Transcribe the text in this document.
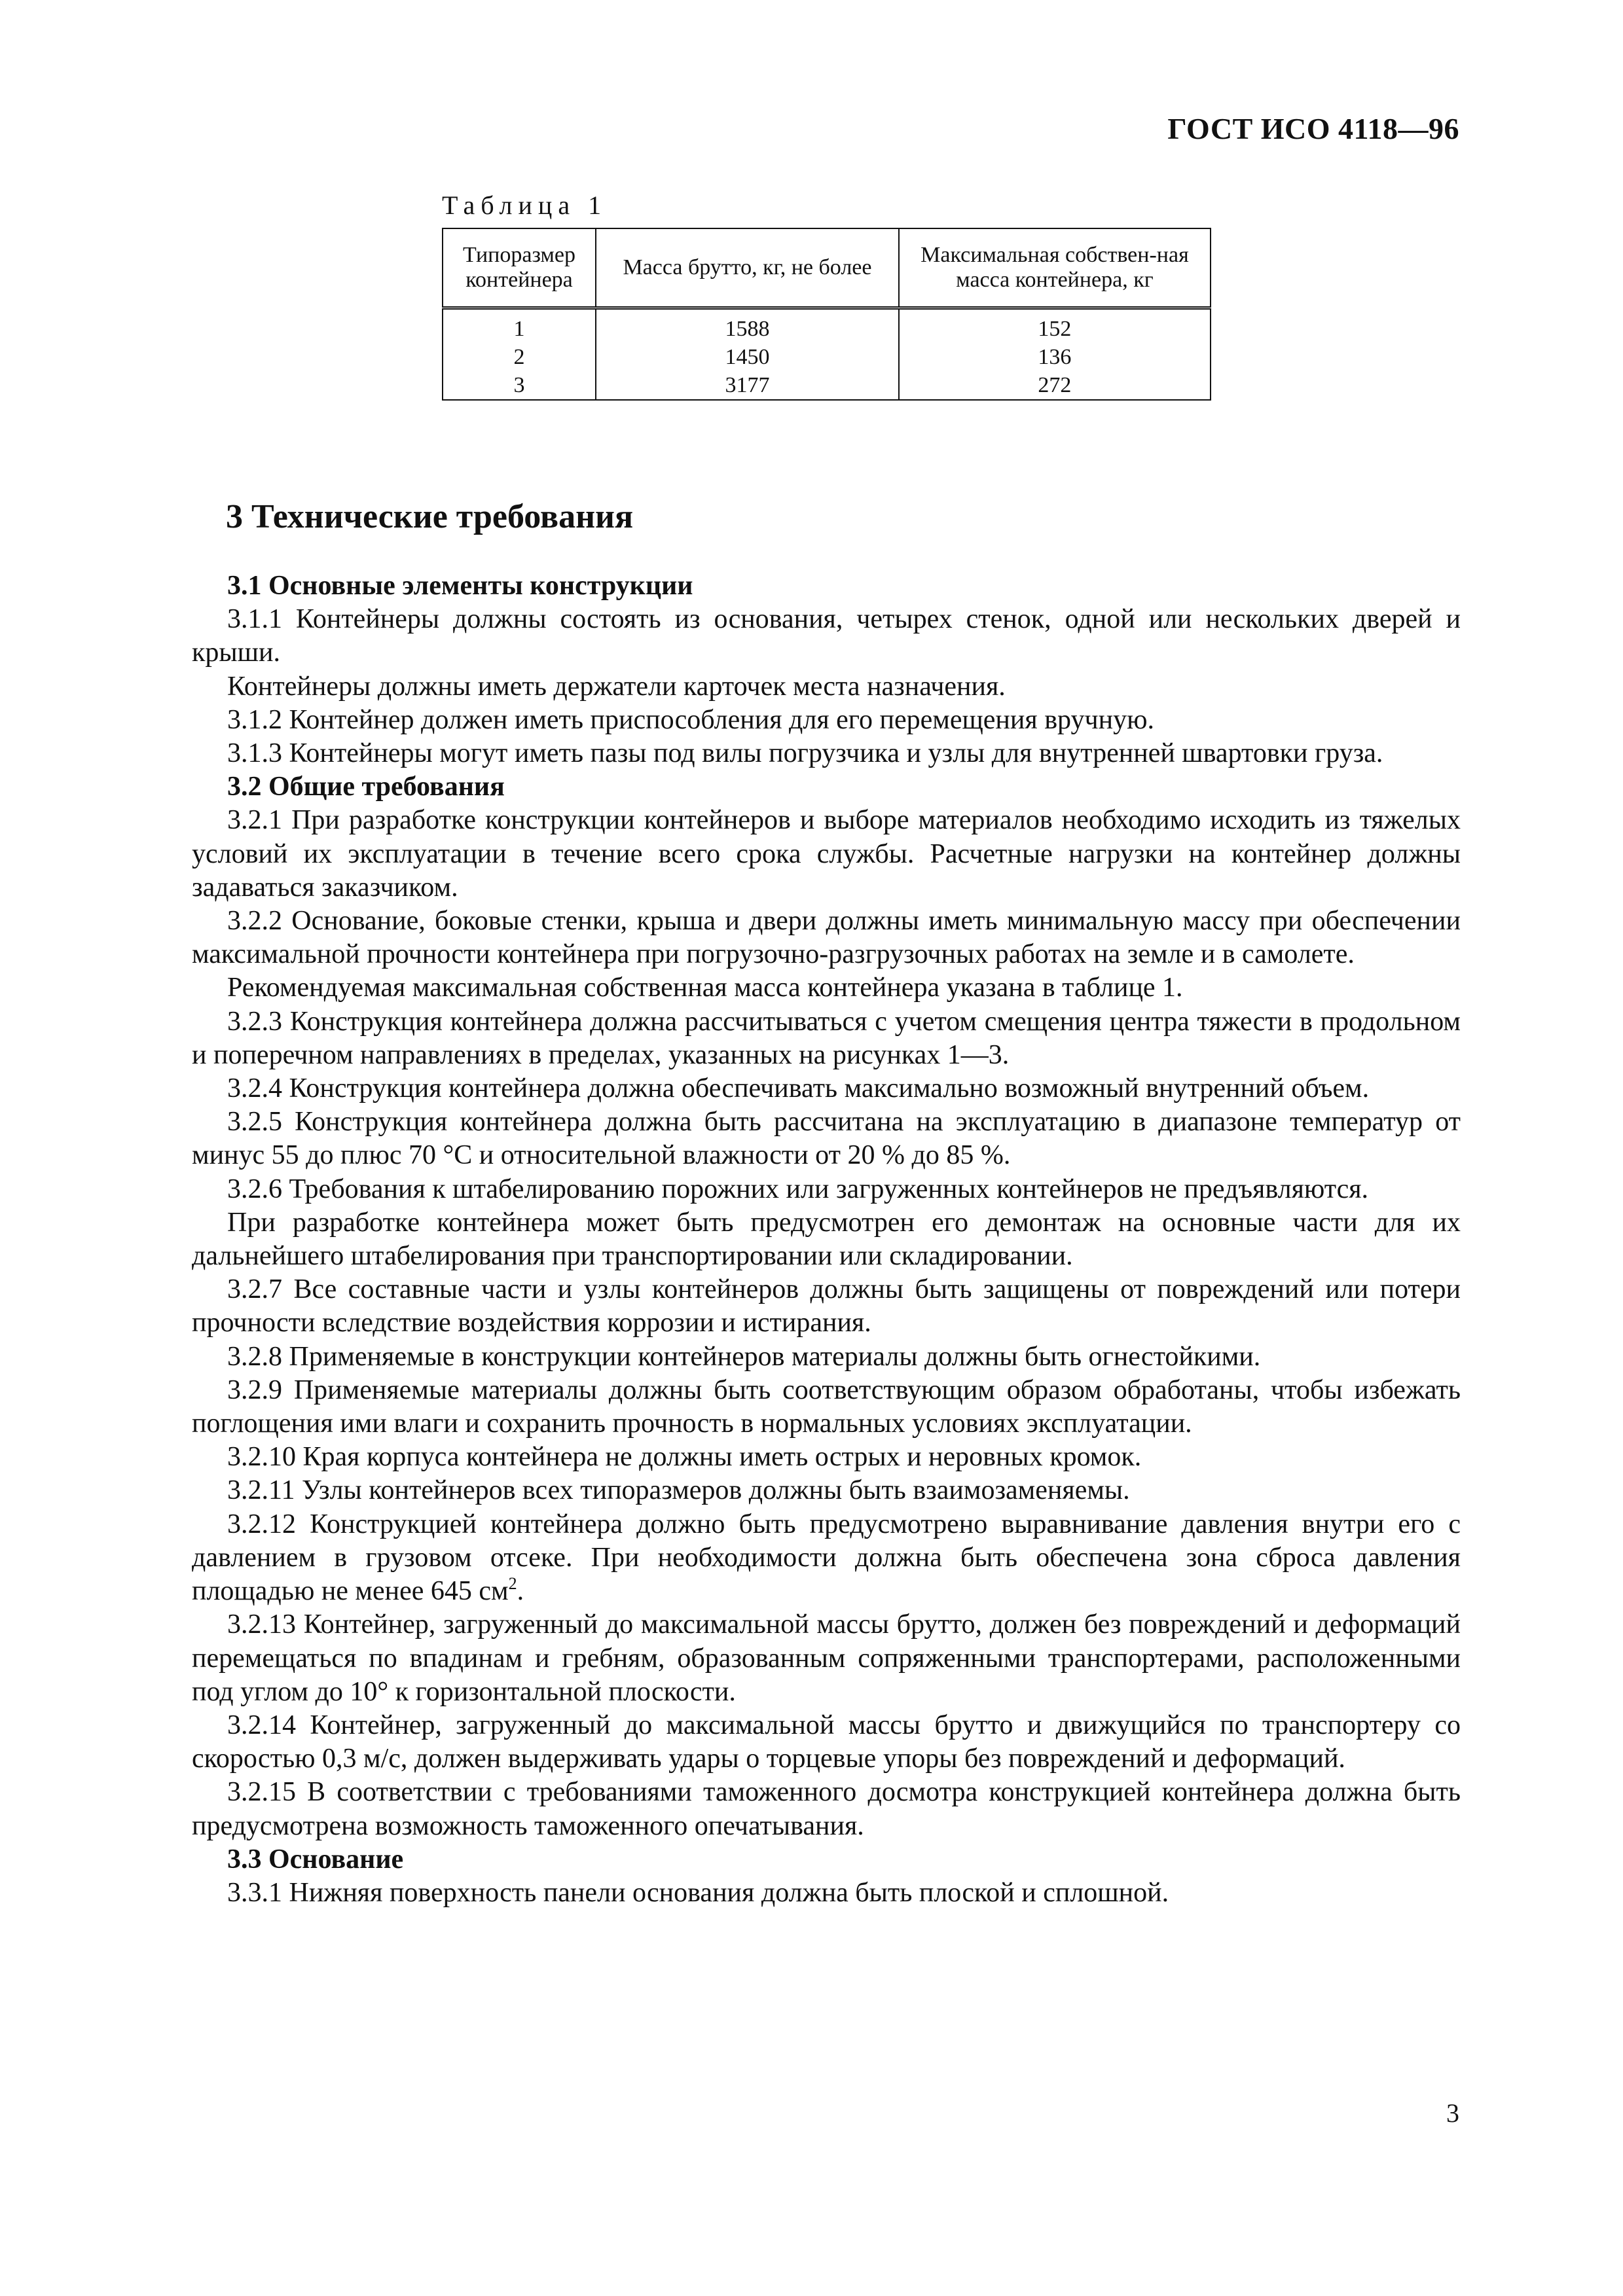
ГОСТ ИСО 4118—96
Таблица 1
Типоразмер контейнера	Масса брутто, кг, не более	Максимальная собствен-ная масса контейнера, кг
1	1588	152
2	1450	136
3	3177	272
3 Технические требования

3.1 Основные элементы конструкции

3.1.1 Контейнеры должны состоять из основания, четырех стенок, одной или нескольких дверей и крыши.

Контейнеры должны иметь держатели карточек места назначения.

3.1.2 Контейнер должен иметь приспособления для его перемещения вручную.

3.1.3 Контейнеры могут иметь пазы под вилы погрузчика и узлы для внутренней швартовки груза.

3.2 Общие требования

3.2.1 При разработке конструкции контейнеров и выборе материалов необходимо исходить из тяжелых условий их эксплуатации в течение всего срока службы. Расчетные нагрузки на контейнер должны задаваться заказчиком.

3.2.2 Основание, боковые стенки, крыша и двери должны иметь минимальную массу при обеспечении максимальной прочности контейнера при погрузочно-разгрузочных работах на земле и в самолете.

Рекомендуемая максимальная собственная масса контейнера указана в таблице 1.

3.2.3 Конструкция контейнера должна рассчитываться с учетом смещения центра тяжести в продольном и поперечном направлениях в пределах, указанных на рисунках 1—3.

3.2.4 Конструкция контейнера должна обеспечивать максимально возможный внутренний объем.

3.2.5 Конструкция контейнера должна быть рассчитана на эксплуатацию в диапазоне температур от минус 55 до плюс 70 °С и относительной влажности от 20 % до 85 %.

3.2.6 Требования к штабелированию порожних или загруженных контейнеров не предъявляются.

При разработке контейнера может быть предусмотрен его демонтаж на основные части для их дальнейшего штабелирования при транспортировании или складировании.

3.2.7 Все составные части и узлы контейнеров должны быть защищены от повреждений или потери прочности вследствие воздействия коррозии и истирания.

3.2.8 Применяемые в конструкции контейнеров материалы должны быть огнестойкими.

3.2.9 Применяемые материалы должны быть соответствующим образом обработаны, чтобы избежать поглощения ими влаги и сохранить прочность в нормальных условиях эксплуатации.

3.2.10 Края корпуса контейнера не должны иметь острых и неровных кромок.

3.2.11 Узлы контейнеров всех типоразмеров должны быть взаимозаменяемы.

3.2.12 Конструкцией контейнера должно быть предусмотрено выравнивание давления внутри его с давлением в грузовом отсеке. При необходимости должна быть обеспечена зона сброса давления площадью не менее 645 $см^2$.

3.2.13 Контейнер, загруженный до максимальной массы брутто, должен без повреждений и деформаций перемещаться по впадинам и гребням, образованным сопряженными транспортерами, расположенными под углом до 10° к горизонтальной плоскости.

3.2.14 Контейнер, загруженный до максимальной массы брутто и движущийся по транспортеру со скоростью 0,3 м/с, должен выдерживать удары о торцевые упоры без повреждений и деформаций.

3.2.15 В соответствии с требованиями таможенного досмотра конструкцией контейнера должна быть предусмотрена возможность таможенного опечатывания.

3.3 Основание

3.3.1 Нижняя поверхность панели основания должна быть плоской и сплошной.

3
